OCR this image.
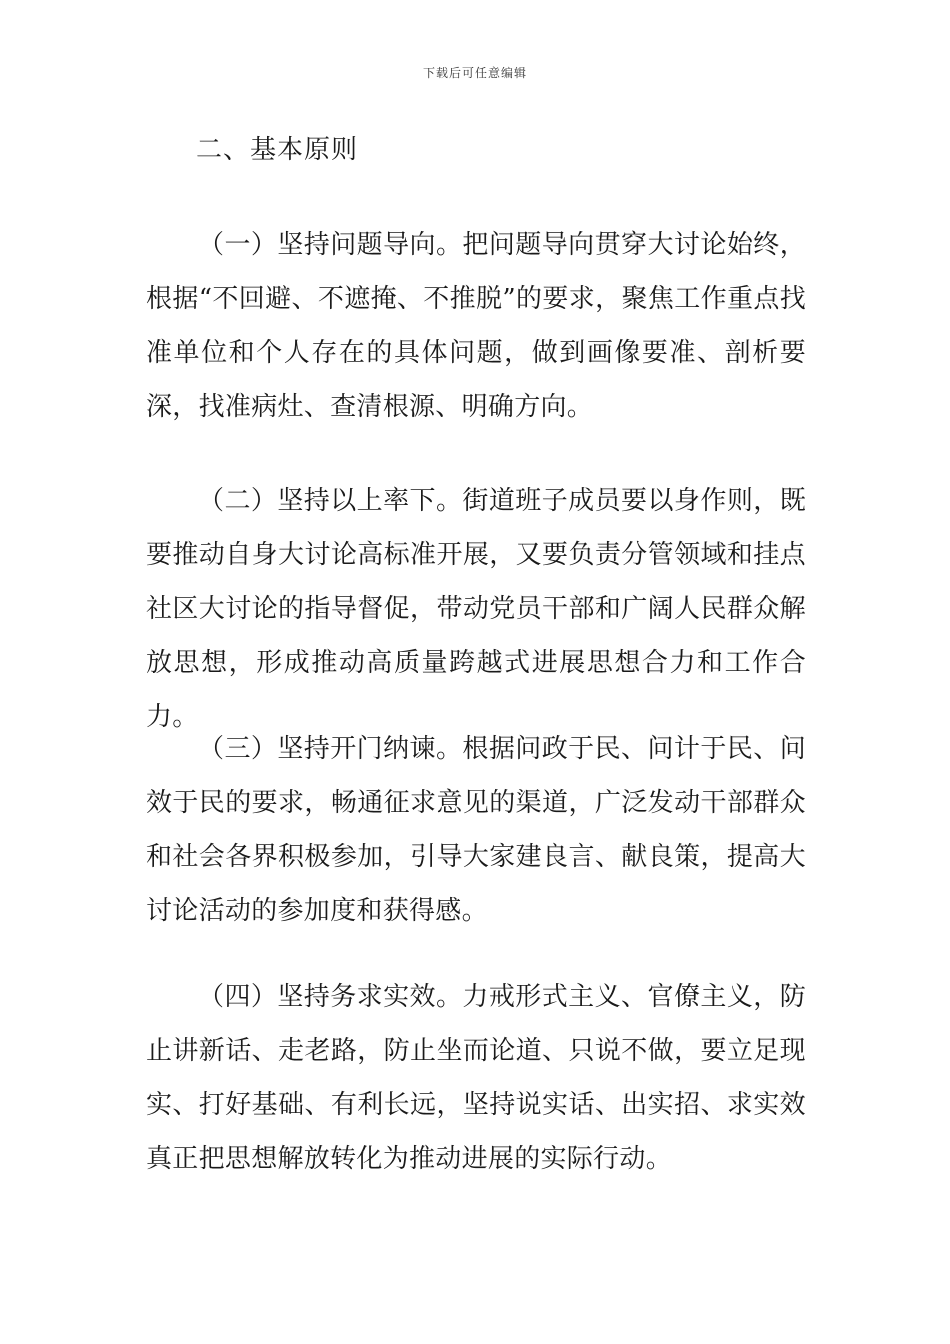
下载后可任意编辑
二、基本原则
（一）坚持问题导向。把问题导向贯穿大讨论始终，根据“不回避、不遮掩、不推脱”的要求，聚焦工作重点找准单位和个人存在的具体问题，做到画像要准、剖析要深，找准病灶、查清根源、明确方向。
（二）坚持以上率下。街道班子成员要以身作则，既要推动自身大讨论高标准开展，又要负责分管领域和挂点社区大讨论的指导督促，带动党员干部和广阔人民群众解放思想，形成推动高质量跨越式进展思想合力和工作合力。
（三）坚持开门纳谏。根据问政于民、问计于民、问效于民的要求，畅通征求意见的渠道，广泛发动干部群众和社会各界积极参加，引导大家建良言、献良策，提高大讨论活动的参加度和获得感。
（四）坚持务求实效。力戒形式主义、官僚主义，防止讲新话、走老路，防止坐而论道、只说不做，要立足现实、打好基础、有利长远，坚持说实话、出实招、求实效真正把思想解放转化为推动进展的实际行动。
